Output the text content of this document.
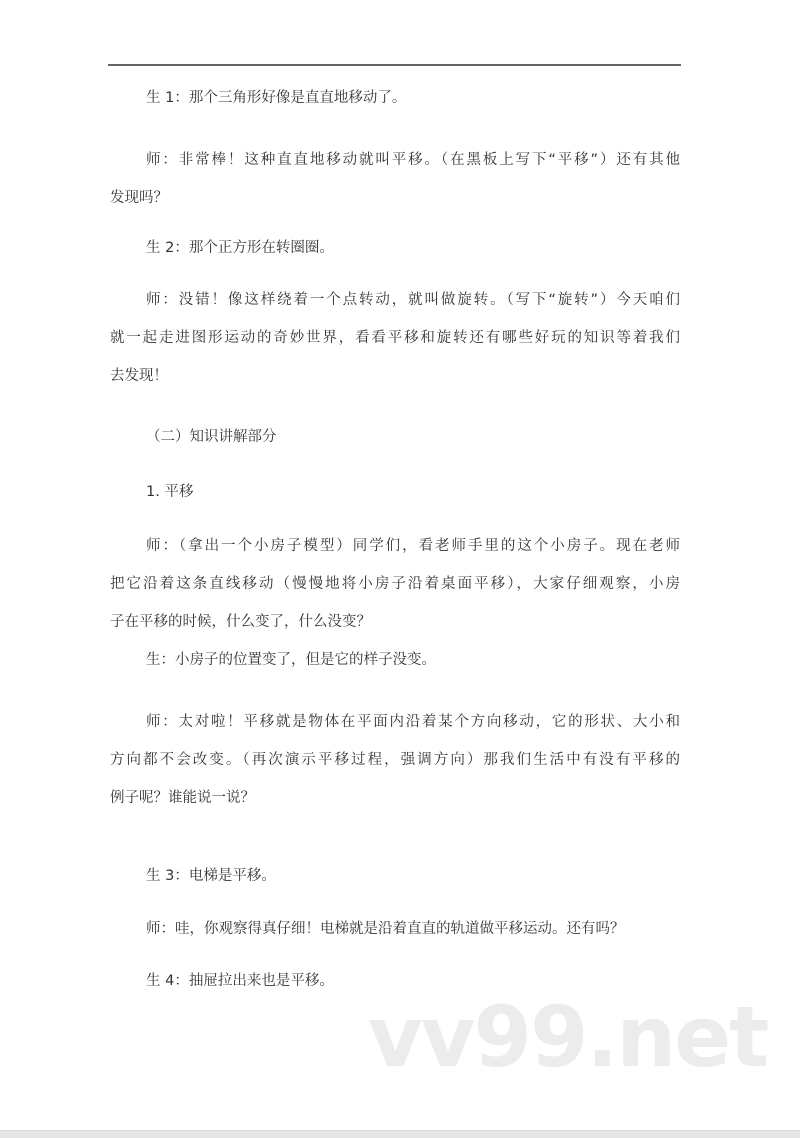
生 1：那个三角形好像是直直地移动了。
师：非常棒！这种直直地移动就叫平移。（在黑板上写下“平移”）还有其他
发现吗？
生 2：那个正方形在转圈圈。
师：没错！像这样绕着一个点转动，就叫做旋转。（写下“旋转”）今天咱们
就一起走进图形运动的奇妙世界，看看平移和旋转还有哪些好玩的知识等着我们
去发现！
（二）知识讲解部分
1. 平移
师：（拿出一个小房子模型）同学们，看老师手里的这个小房子。现在老师
把它沿着这条直线移动（慢慢地将小房子沿着桌面平移），大家仔细观察，小房
子在平移的时候，什么变了，什么没变？
生：小房子的位置变了，但是它的样子没变。
师：太对啦！平移就是物体在平面内沿着某个方向移动，它的形状、大小和
方向都不会改变。（再次演示平移过程，强调方向）那我们生活中有没有平移的
例子呢？谁能说一说？
生 3：电梯是平移。
师：哇，你观察得真仔细！电梯就是沿着直直的轨道做平移运动。还有吗？
生 4：抽屉拉出来也是平移。
vv99.net
